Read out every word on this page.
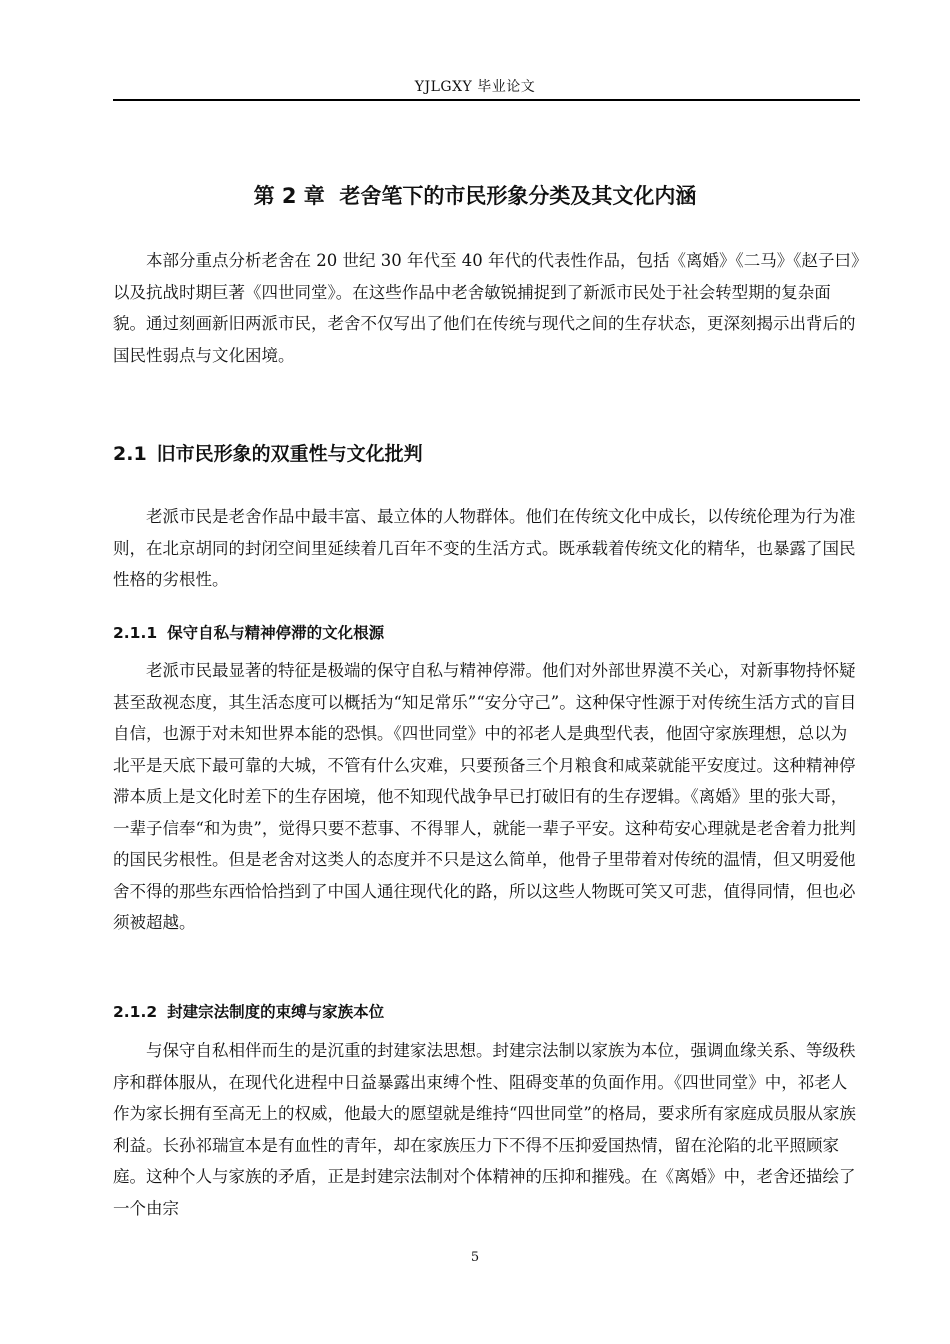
YJLGXY 毕业论文
第 2 章 老舍笔下的市民形象分类及其文化内涵

本部分重点分析老舍在 20 世纪 30 年代至 40 年代的代表性作品，包括《离婚》《二马》《赵子曰》以及抗战时期巨著《四世同堂》。在这些作品中老舍敏锐捕捉到了新派市民处于社会转型期的复杂面貌。通过刻画新旧两派市民，老舍不仅写出了他们在传统与现代之间的生存状态，更深刻揭示出背后的国民性弱点与文化困境。

2.1 旧市民形象的双重性与文化批判

老派市民是老舍作品中最丰富、最立体的人物群体。他们在传统文化中成长，以传统伦理为行为准则，在北京胡同的封闭空间里延续着几百年不变的生活方式。既承载着传统文化的精华，也暴露了国民性格的劣根性。

2.1.1 保守自私与精神停滞的文化根源

老派市民最显著的特征是极端的保守自私与精神停滞。他们对外部世界漠不关心，对新事物持怀疑甚至敌视态度，其生活态度可以概括为“知足常乐”“安分守己”。这种保守性源于对传统生活方式的盲目自信，也源于对未知世界本能的恐惧。《四世同堂》中的祁老人是典型代表，他固守家族理想，总以为北平是天底下最可靠的大城，不管有什么灾难，只要预备三个月粮食和咸菜就能平安度过。这种精神停滞本质上是文化时差下的生存困境，他不知现代战争早已打破旧有的生存逻辑。《离婚》里的张大哥，一辈子信奉“和为贵”，觉得只要不惹事、不得罪人，就能一辈子平安。这种苟安心理就是老舍着力批判的国民劣根性。但是老舍对这类人的态度并不只是这么简单，他骨子里带着对传统的温情，但又明爱他舍不得的那些东西恰恰挡到了中国人通往现代化的路，所以这些人物既可笑又可悲，值得同情，但也必须被超越。

2.1.2 封建宗法制度的束缚与家族本位

与保守自私相伴而生的是沉重的封建家法思想。封建宗法制以家族为本位，强调血缘关系、等级秩序和群体服从，在现代化进程中日益暴露出束缚个性、阻碍变革的负面作用。《四世同堂》中，祁老人作为家长拥有至高无上的权威，他最大的愿望就是维持“四世同堂”的格局，要求所有家庭成员服从家族利益。长孙祁瑞宣本是有血性的青年，却在家族压力下不得不压抑爱国热情，留在沦陷的北平照顾家庭。这种个人与家族的矛盾，正是封建宗法制对个体精神的压抑和摧残。在《离婚》中，老舍还描绘了一个由宗

5
